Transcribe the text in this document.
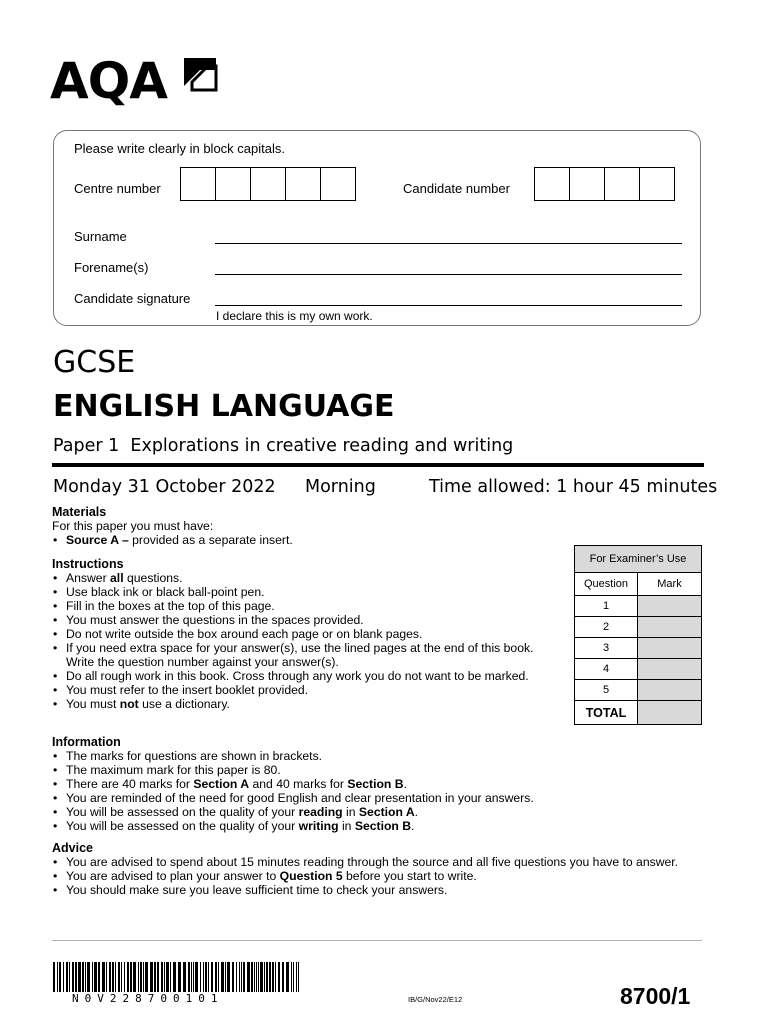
AQA
Please write clearly in block capitals.
Centre number	Candidate number
Surname
Forename(s)
Candidate signature
I declare this is my own work.
GCSE
ENGLISH LANGUAGE
Paper 1 Explorations in creative reading and writing
Monday 31 October 2022 Morning	Time allowed: 1 hour 45 minutes
Materials
For this paper you must have:
• Source A – provided as a separate insert.
Instructions
• Answer all questions.
• Use black ink or black ball-point pen.
• Fill in the boxes at the top of this page.
• You must answer the questions in the spaces provided.
• Do not write outside the box around each page or on blank pages.
• If you need extra space for your answer(s), use the lined pages at the end of this book. Write the question number against your answer(s).
• Do all rough work in this book. Cross through any work you do not want to be marked.
• You must refer to the insert booklet provided.
• You must not use a dictionary.
Information
• The marks for questions are shown in brackets.
• The maximum mark for this paper is 80.
• There are 40 marks for Section A and 40 marks for Section B.
• You are reminded of the need for good English and clear presentation in your answers.
• You will be assessed on the quality of your reading in Section A.
• You will be assessed on the quality of your writing in Section B.
Advice
• You are advised to spend about 15 minutes reading through the source and all five questions you have to answer.
• You are advised to plan your answer to Question 5 before you start to write.
• You should make sure you leave sufficient time to check your answers.
For Examiner’s Use	
Question	Mark
1	
2	
3	
4	
5	
TOTAL	
N0V228700101	IB/G/Nov22/E12	8700/1
